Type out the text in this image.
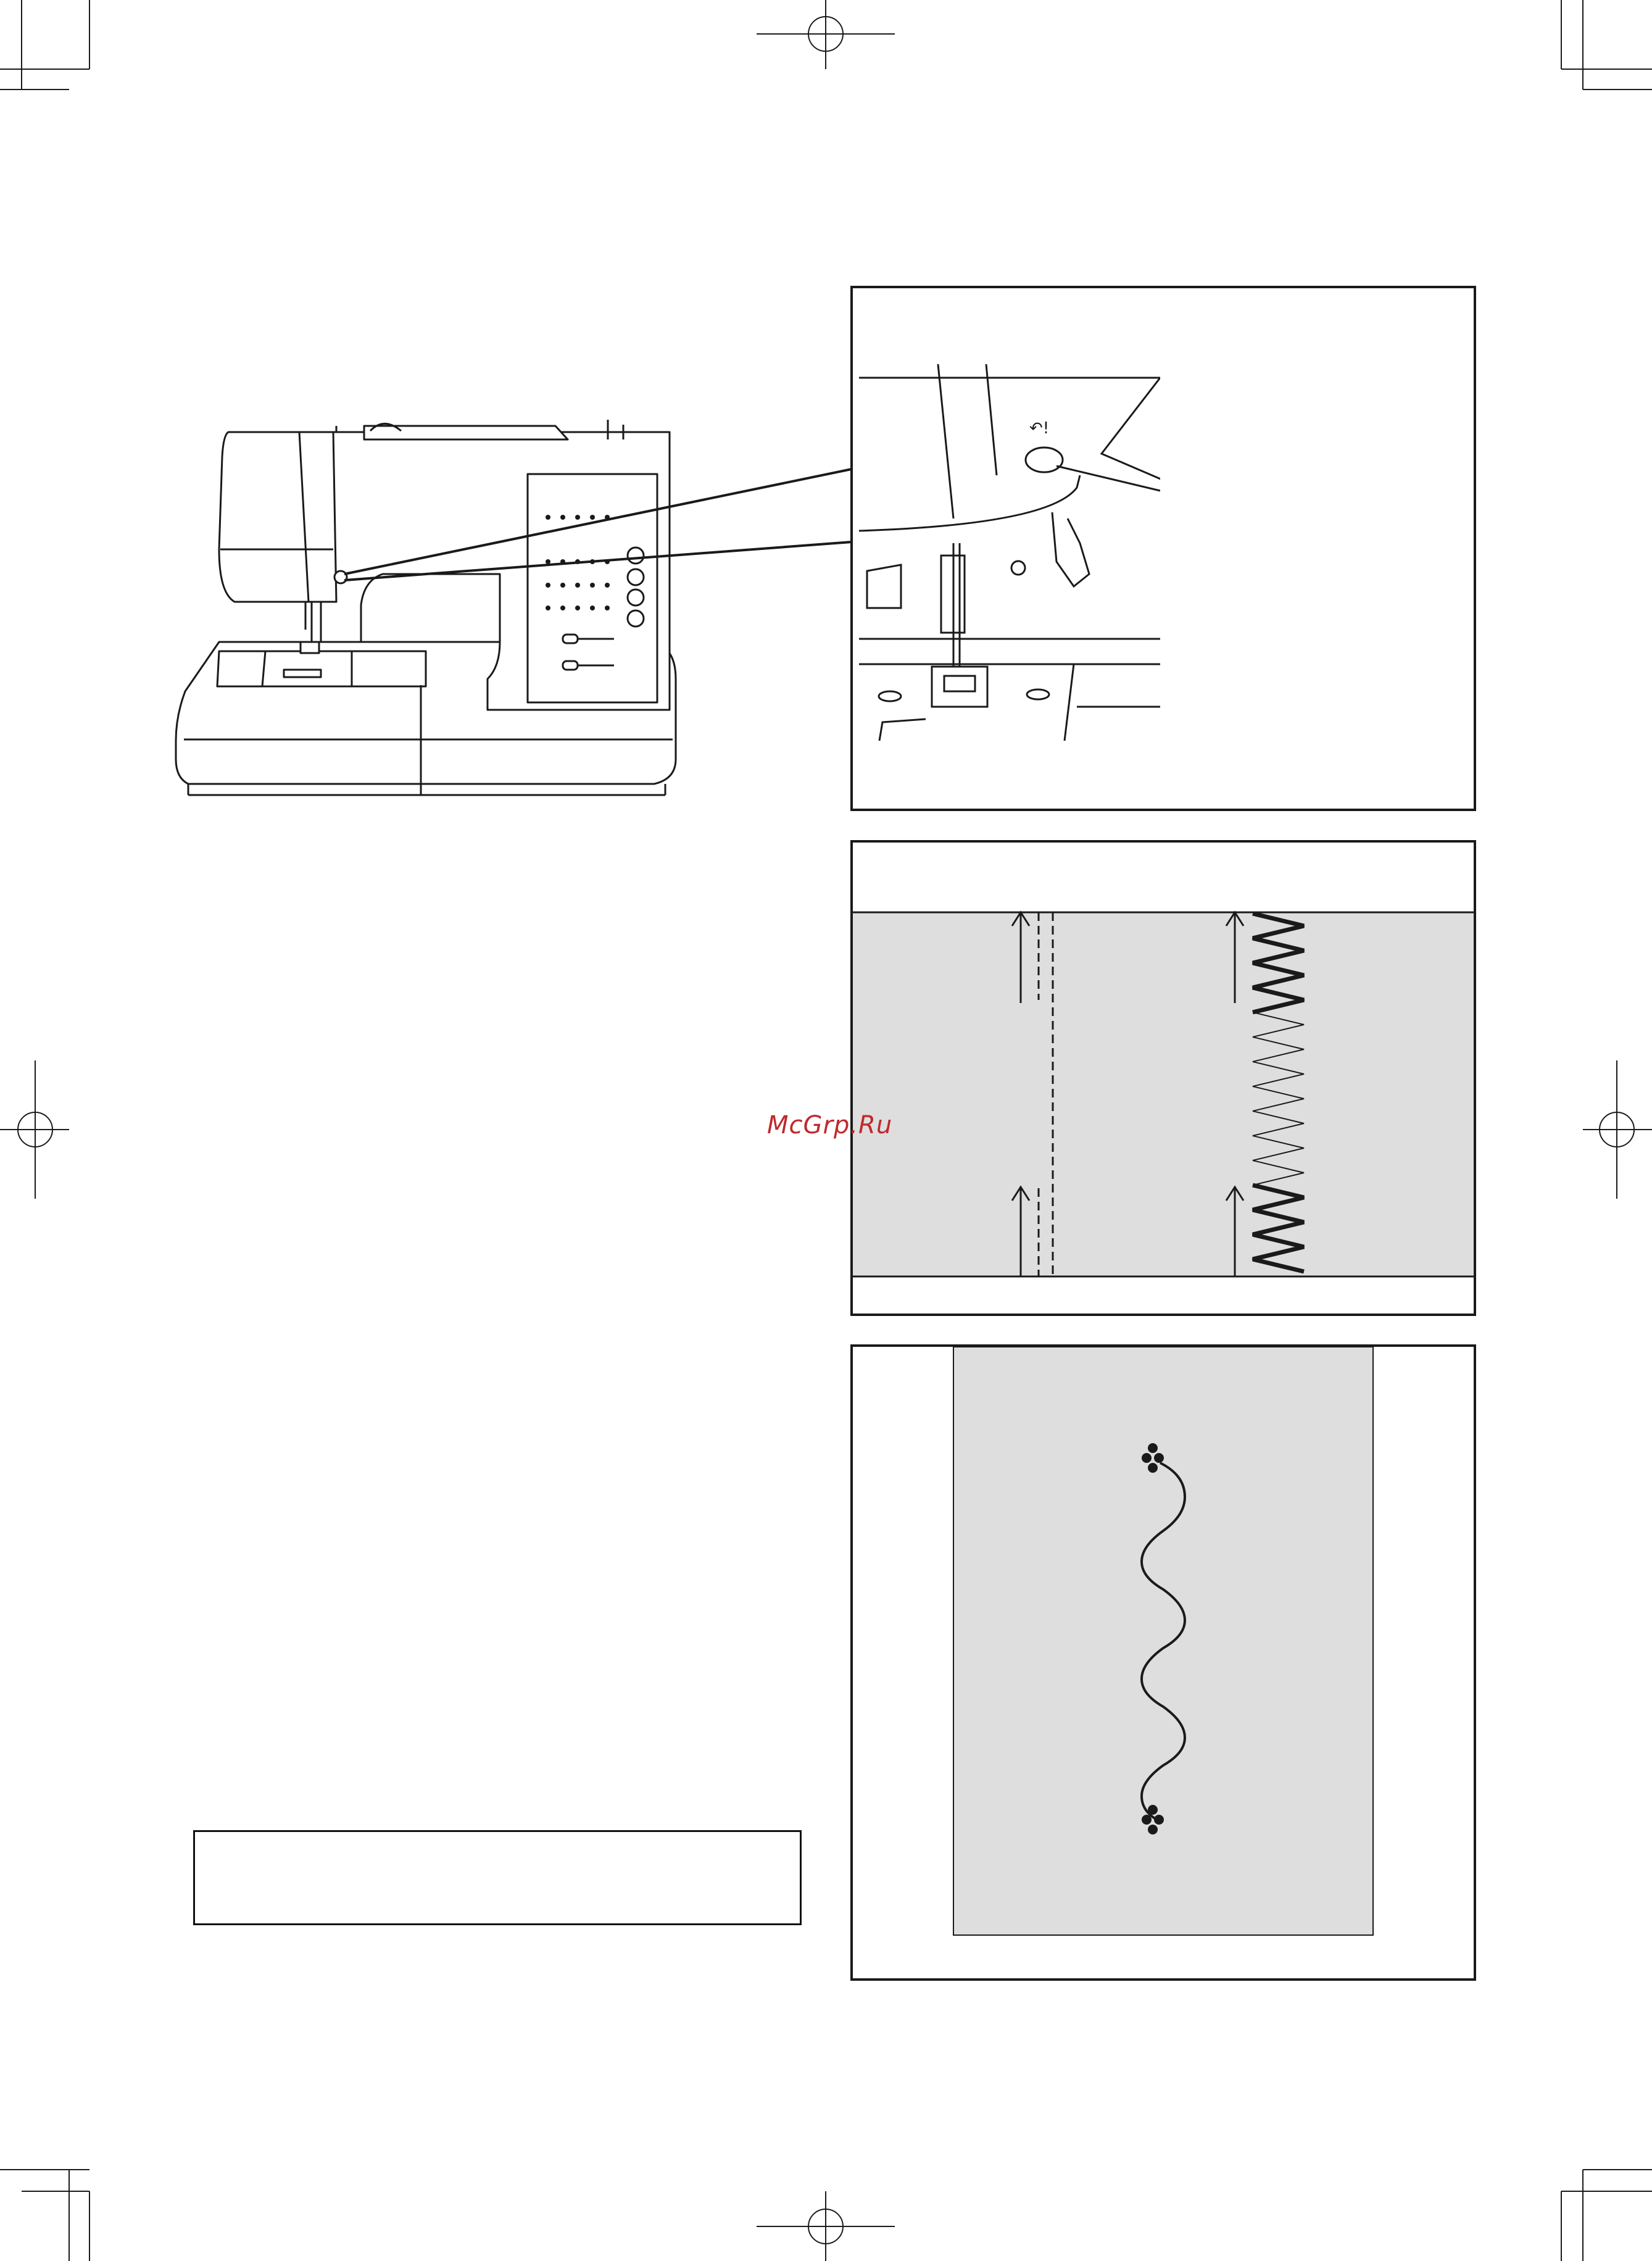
↶!
McGrp.Ru
